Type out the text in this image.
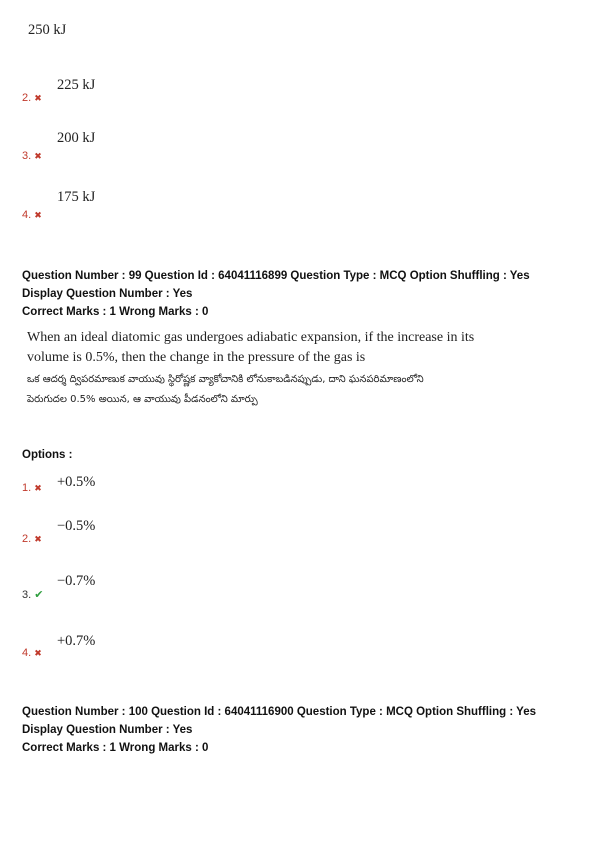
250 kJ
2. ✖
225 kJ
3. ✖
200 kJ
4. ✖
175 kJ
Question Number : 99 Question Id : 64041116899 Question Type : MCQ Option Shuffling : Yes
Display Question Number : Yes
Correct Marks : 1 Wrong Marks : 0
When an ideal diatomic gas undergoes adiabatic expansion, if the increase in its
volume is 0.5%, then the change in the pressure of the gas is
ఒక ఆదర్శ ద్విపరమాణుక వాయువు స్థిరోష్ణక వ్యాకోచానికి లోనుకాబడినప్పుడు, దాని ఘనపరిమాణంలోని
పెరుగుదల 0.5% అయిన, ఆ వాయువు పీడనంలోని మార్పు
Options :
1. ✖ +0.5%
2. ✖
−0.5%
3. ✔
−0.7%
4. ✖
+0.7%
Question Number : 100 Question Id : 64041116900 Question Type : MCQ Option Shuffling : Yes
Display Question Number : Yes
Correct Marks : 1 Wrong Marks : 0
